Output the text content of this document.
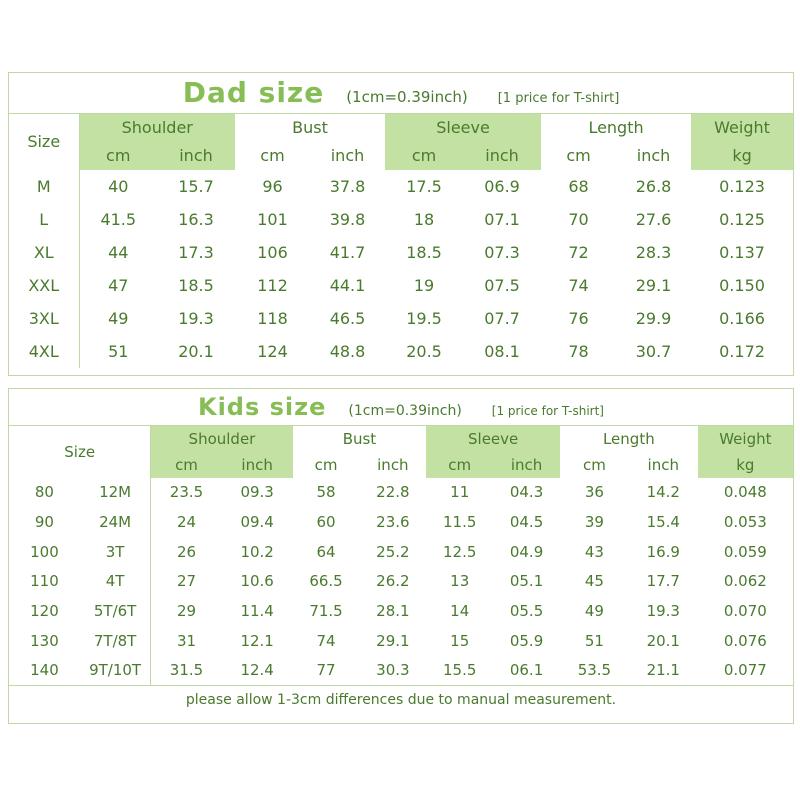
Dad size (1cm=0.39inch) [1 price for T-shirt]
Size	Shoulder		Bust		Sleeve		Length		Weight
	cm	inch	cm	inch	cm	inch	cm	inch	kg
M	40	15.7	96	37.8	17.5	06.9	68	26.8	0.123
L	41.5	16.3	101	39.8	18	07.1	70	27.6	0.125
XL	44	17.3	106	41.7	18.5	07.3	72	28.3	0.137
XXL	47	18.5	112	44.1	19	07.5	74	29.1	0.150
3XL	49	19.3	118	46.5	19.5	07.7	76	29.9	0.166
4XL	51	20.1	124	48.8	20.5	08.1	78	30.7	0.172
Kids size (1cm=0.39inch)	[1 price for T-shirt]
Size		Shoulder		Bust		Sleeve		Length		Weight
		cm	inch	cm	inch	cm	inch	cm	inch	kg
80	12M	23.5	09.3	58	22.8	11	04.3	36	14.2	0.048
90	24M	24	09.4	60	23.6	11.5	04.5	39	15.4	0.053
100	3T	26	10.2	64	25.2	12.5	04.9	43	16.9	0.059
110	4T	27	10.6	66.5	26.2	13	05.1	45	17.7	0.062
120	5T/6T	29	11.4	71.5	28.1	14	05.5	49	19.3	0.070
130	7T/8T	31	12.1	74	29.1	15	05.9	51	20.1	0.076
140	9T/10T	31.5	12.4	77	30.3	15.5	06.1	53.5	21.1	0.077
please allow 1-3cm differences due to manual measurement.
